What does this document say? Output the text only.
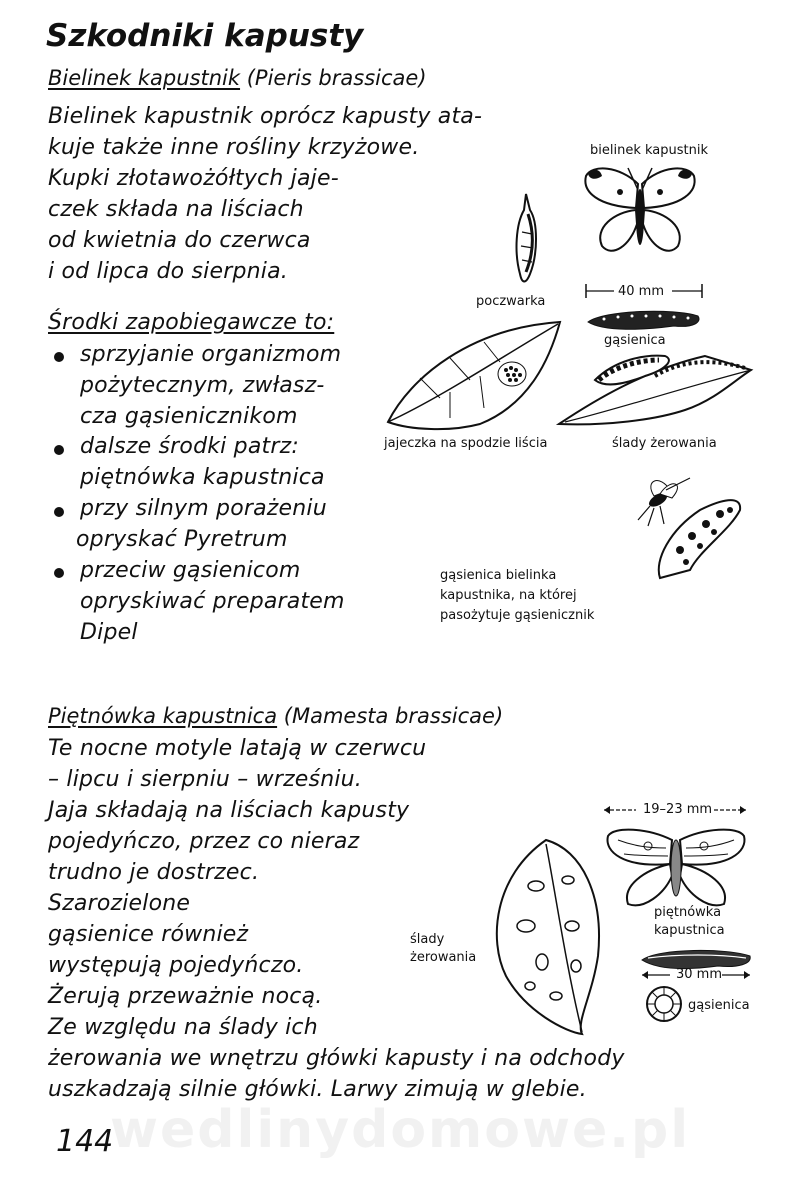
wedlinydomowe.pl
Szkodniki kapusty
Bielinek kapustnik (Pieris brassicae)
Bielinek kapustnik oprócz kapusty ata-
kuje także inne rośliny krzyżowe.
Kupki złotawożółtych jaje-
czek składa na liściach
od kwietnia do czerwca
i od lipca do sierpnia.
Środki zapobiegawcze to:
sprzyjanie organizmom
pożytecznym, zwłasz-
cza gąsienicznikom
dalsze środki patrz:
piętnówka kapustnica
przy silnym porażeniu
opryskać Pyretrum
przeciw gąsienicom
opryskiwać preparatem
Dipel
bielinek kapustnik
poczwarka
40 mm
gąsienica
jajeczka na spodzie liścia	ślady żerowania
gąsienica bielinka
kapustnika, na której
pasożytuje gąsienicznik
Piętnówka kapustnica (Mamesta brassicae)
Te nocne motyle latają w czerwcu
– lipcu i sierpniu – wrześniu.
Jaja składają na liściach kapusty
pojedyńczo, przez co nieraz
trudno je dostrzec.
Szarozielone
gąsienice również
występują pojedyńczo.
Żerują przeważnie nocą.
Ze względu na ślady ich
żerowania we wnętrzu główki kapusty i na odchody
uszkadzają silnie główki. Larwy zimują w glebie.
ślady
żerowania
19–23 mm
piętnówka
kapustnica
30 mm
gąsienica
144
